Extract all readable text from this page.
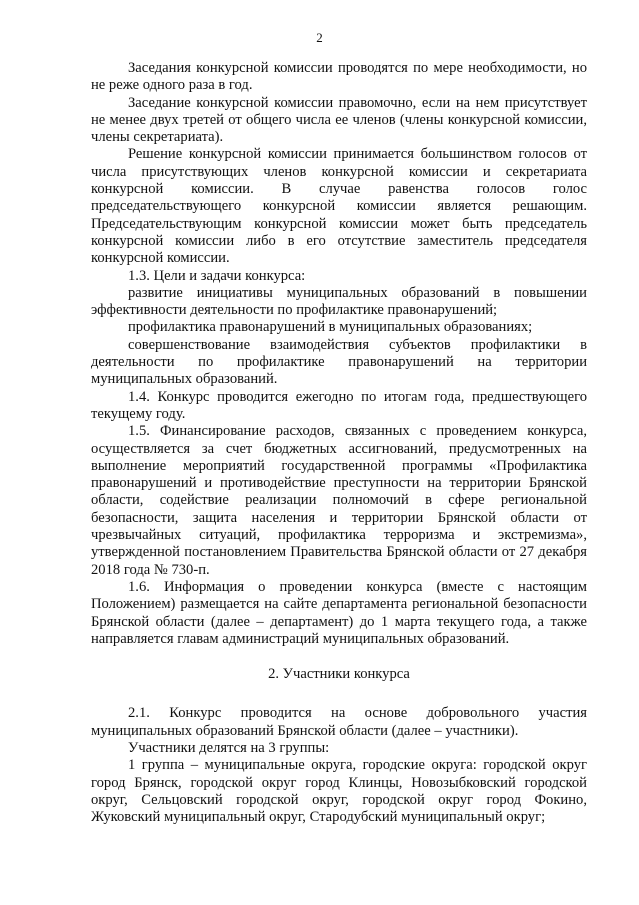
2

Заседания конкурсной комиссии проводятся по мере необходимости, но не реже одного раза в год.

Заседание конкурсной комиссии правомочно, если на нем присутствует не менее двух третей от общего числа ее членов (члены конкурсной комиссии, члены секретариата).

Решение конкурсной комиссии принимается большинством голосов от числа присутствующих членов конкурсной комиссии и секретариата конкурсной комиссии. В случае равенства голосов голос председательствующего конкурсной комиссии является решающим. Председательствующим конкурсной комиссии может быть председатель конкурсной комиссии либо в его отсутствие заместитель председателя конкурсной комиссии.

1.3. Цели и задачи конкурса:

развитие инициативы муниципальных образований в повышении эффективности деятельности по профилактике правонарушений;

профилактика правонарушений в муниципальных образованиях;

совершенствование взаимодействия субъектов профилактики в деятельности по профилактике правонарушений на территории муниципальных образований.

1.4. Конкурс проводится ежегодно по итогам года, предшествующего текущему году.

1.5. Финансирование расходов, связанных с проведением конкурса, осуществляется за счет бюджетных ассигнований, предусмотренных на выполнение мероприятий государственной программы «Профилактика правонарушений и противодействие преступности на территории Брянской области, содействие реализации полномочий в сфере региональной безопасности, защита населения и территории Брянской области от чрезвычайных ситуаций, профилактика терроризма и экстремизма», утвержденной постановлением Правительства Брянской области от 27 декабря 2018 года № 730-п.

1.6. Информация о проведении конкурса (вместе с настоящим Положением) размещается на сайте департамента региональной безопасности Брянской области (далее – департамент) до 1 марта текущего года, а также направляется главам администраций муниципальных образований.

2. Участники конкурса

2.1. Конкурс проводится на основе добровольного участия муниципальных образований Брянской области (далее – участники).

Участники делятся на 3 группы:

1 группа – муниципальные округа, городские округа: городской округ город Брянск, городской округ город Клинцы, Новозыбковский городской округ, Сельцовский городской округ, городской округ город Фокино, Жуковский муниципальный округ, Стародубский муниципальный округ;
